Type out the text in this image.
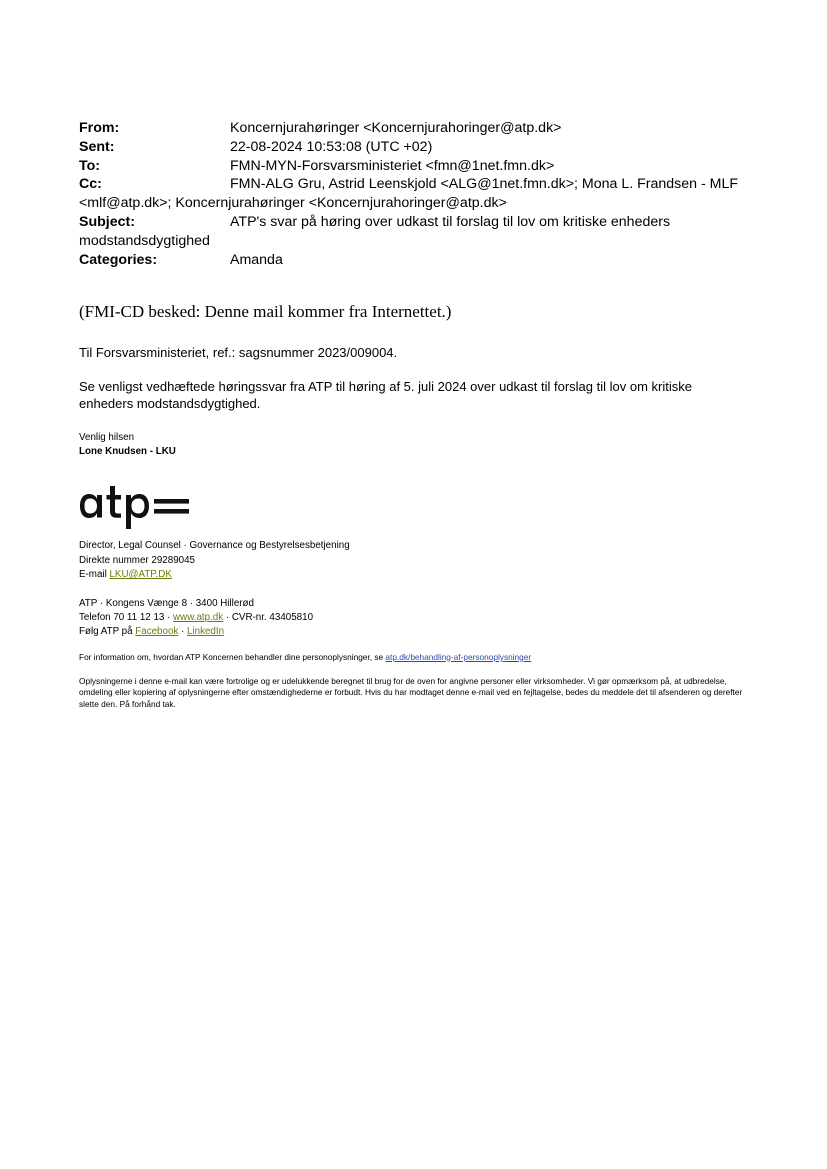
From:	Koncernjurahøringer <Koncernjurahoringer@atp.dk>
Sent:	22-08-2024 10:53:08 (UTC +02)
To:	FMN-MYN-Forsvarsministeriet <fmn@1net.fmn.dk>
Cc:	FMN-ALG Gru, Astrid Leenskjold <ALG@1net.fmn.dk>; Mona L. Frandsen - MLF
<mlf@atp.dk>; Koncernjurahøringer <Koncernjurahoringer@atp.dk>
Subject:	ATP's svar på høring over udkast til forslag til lov om kritiske enheders
modstandsdygtighed
Categories:	Amanda
(FMI-CD besked: Denne mail kommer fra Internettet.)
Til Forsvarsministeriet, ref.: sagsnummer 2023/009004.
Se venligst vedhæftede høringssvar fra ATP til høring af 5. juli 2024 over udkast til forslag til lov om kritiske enheders modstandsdygtighed.
Venlig hilsen
Lone Knudsen - LKU
atp=
Director, Legal Counsel · Governance og Bestyrelsesbetjening
Direkte nummer 29289045
E-mail LKU@ATP.DK
ATP · Kongens Vænge 8 · 3400 Hillerød
Telefon 70 11 12 13 · www.atp.dk · CVR-nr. 43405810
Følg ATP på Facebook · LinkedIn
For information om, hvordan ATP Koncernen behandler dine personoplysninger, se atp.dk/behandling-af-personoplysninger
Oplysningerne i denne e-mail kan være fortrolige og er udelukkende beregnet til brug for de oven for angivne personer eller virksomheder. Vi gør opmærksom på, at udbredelse, omdeling eller kopiering af oplysningerne efter omstændighederne er forbudt. Hvis du har modtaget denne e-mail ved en fejltagelse, bedes du meddele det til afsenderen og derefter slette den. På forhånd tak.
